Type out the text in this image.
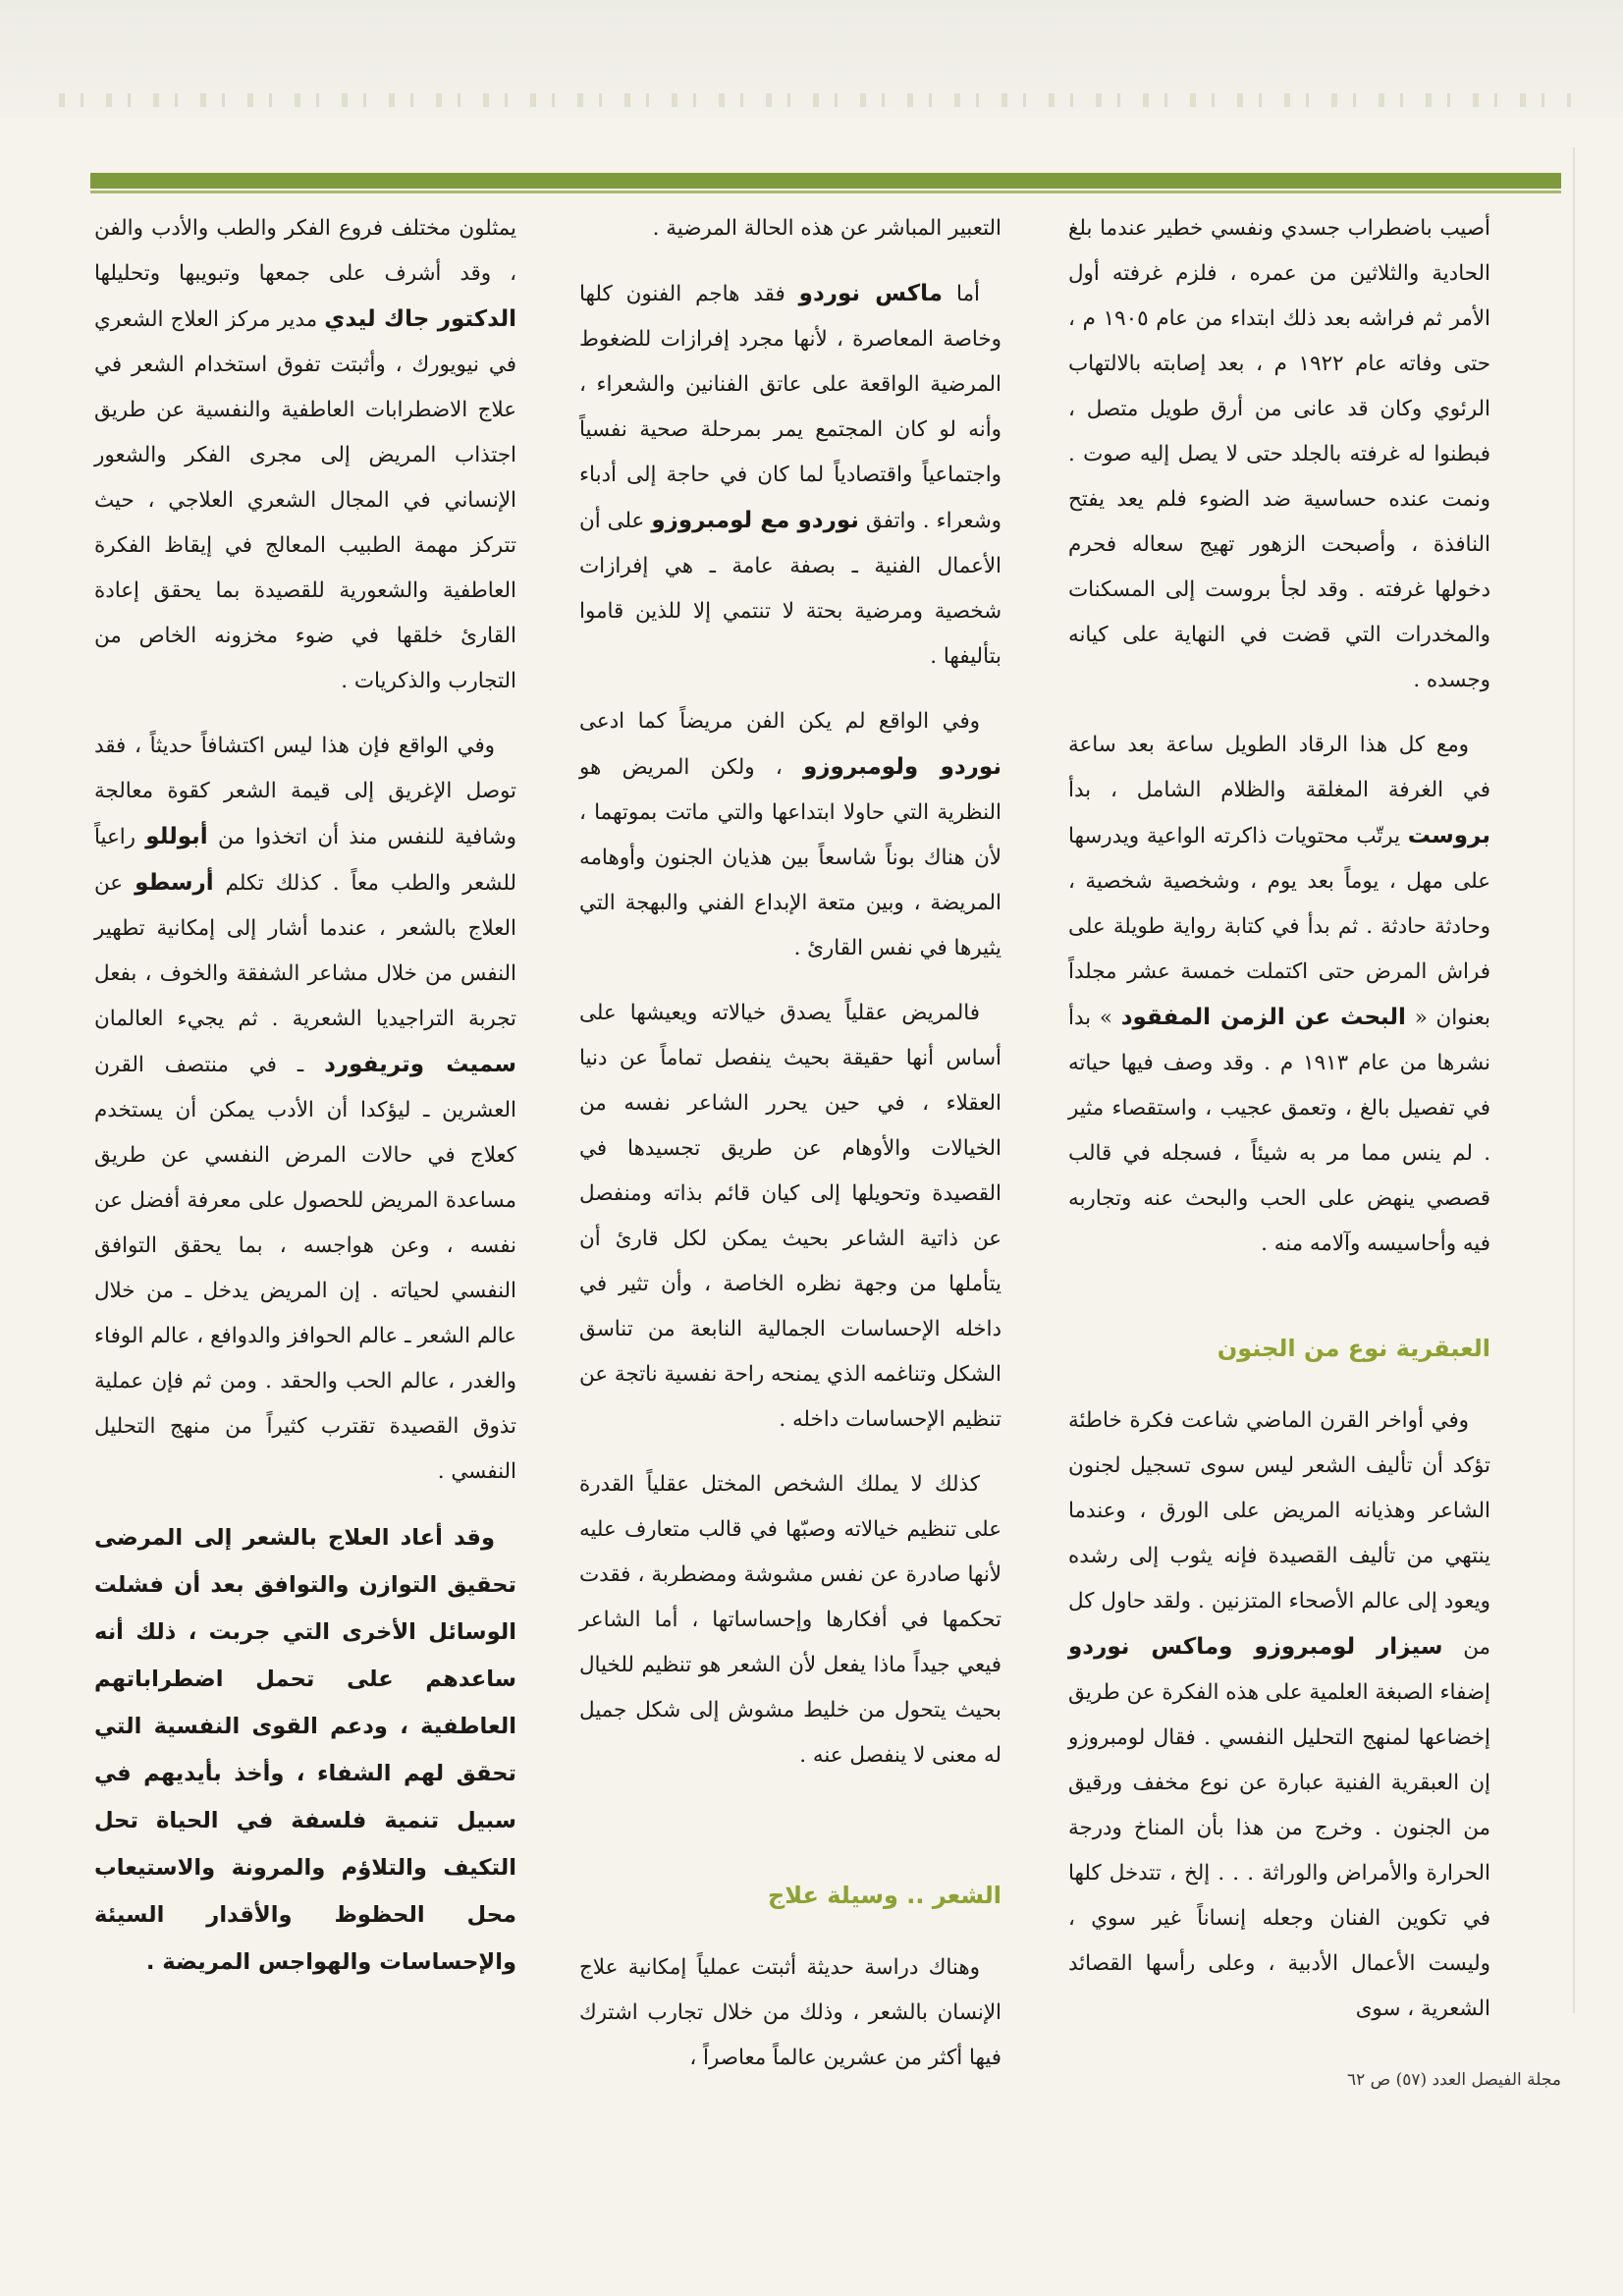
أصيب باضطراب جسدي ونفسي خطير عندما بلغ الحادية والثلاثين من عمره ، فلزم غرفته أول الأمر ثم فراشه بعد ذلك ابتداء من عام ١٩٠٥ م ، حتى وفاته عام ١٩٢٢ م ، بعد إصابته بالالتهاب الرئوي وكان قد عانى من أرق طويل متصل ، فبطنوا له غرفته بالجلد حتى لا يصل إليه صوت . ونمت عنده حساسية ضد الضوء فلم يعد يفتح النافذة ، وأصبحت الزهور تهيج سعاله فحرم دخولها غرفته . وقد لجأ بروست إلى المسكنات والمخدرات التي قضت في النهاية على كيانه وجسده .

ومع كل هذا الرقاد الطويل ساعة بعد ساعة في الغرفة المغلقة والظلام الشامل ، بدأ بروست يرتّب محتويات ذاكرته الواعية ويدرسها على مهل ، يوماً بعد يوم ، وشخصية شخصية ، وحادثة حادثة . ثم بدأ في كتابة رواية طويلة على فراش المرض حتى اكتملت خمسة عشر مجلداً بعنوان « البحث عن الزمن المفقود » بدأ نشرها من عام ١٩١٣ م . وقد وصف فيها حياته في تفصيل بالغ ، وتعمق عجيب ، واستقصاء مثير . لم ينس مما مر به شيئاً ، فسجله في قالب قصصي ينهض على الحب والبحث عنه وتجاربه فيه وأحاسيسه وآلامه منه .

العبقرية نوع من الجنون

وفي أواخر القرن الماضي شاعت فكرة خاطئة تؤكد أن تأليف الشعر ليس سوى تسجيل لجنون الشاعر وهذيانه المريض على الورق ، وعندما ينتهي من تأليف القصيدة فإنه يثوب إلى رشده ويعود إلى عالم الأصحاء المتزنين . ولقد حاول كل من سيزار لومبروزو وماكس نوردو إضفاء الصبغة العلمية على هذه الفكرة عن طريق إخضاعها لمنهج التحليل النفسي . فقال لومبروزو إن العبقرية الفنية عبارة عن نوع مخفف ورقيق من الجنون . وخرج من هذا بأن المناخ ودرجة الحرارة والأمراض والوراثة . . . إلخ ، تتدخل كلها في تكوين الفنان وجعله إنساناً غير سوي ، وليست الأعمال الأدبية ، وعلى رأسها القصائد الشعرية ، سوى

التعبير المباشر عن هذه الحالة المرضية .

أما ماكس نوردو فقد هاجم الفنون كلها وخاصة المعاصرة ، لأنها مجرد إفرازات للضغوط المرضية الواقعة على عاتق الفنانين والشعراء ، وأنه لو كان المجتمع يمر بمرحلة صحية نفسياً واجتماعياً واقتصادياً لما كان في حاجة إلى أدباء وشعراء . واتفق نوردو مع لومبروزو على أن الأعمال الفنية ـ بصفة عامة ـ هي إفرازات شخصية ومرضية بحتة لا تنتمي إلا للذين قاموا بتأليفها .

وفي الواقع لم يكن الفن مريضاً كما ادعى نوردو ولومبروزو ، ولكن المريض هو النظرية التي حاولا ابتداعها والتي ماتت بموتهما ، لأن هناك بوناً شاسعاً بين هذيان الجنون وأوهامه المريضة ، وبين متعة الإبداع الفني والبهجة التي يثيرها في نفس القارئ .

فالمريض عقلياً يصدق خيالاته ويعيشها على أساس أنها حقيقة بحيث ينفصل تماماً عن دنيا العقلاء ، في حين يحرر الشاعر نفسه من الخيالات والأوهام عن طريق تجسيدها في القصيدة وتحويلها إلى كيان قائم بذاته ومنفصل عن ذاتية الشاعر بحيث يمكن لكل قارئ أن يتأملها من وجهة نظره الخاصة ، وأن تثير في داخله الإحساسات الجمالية النابعة من تناسق الشكل وتناغمه الذي يمنحه راحة نفسية ناتجة عن تنظيم الإحساسات داخله .

كذلك لا يملك الشخص المختل عقلياً القدرة على تنظيم خيالاته وصبّها في قالب متعارف عليه لأنها صادرة عن نفس مشوشة ومضطربة ، فقدت تحكمها في أفكارها وإحساساتها ، أما الشاعر فيعي جيداً ماذا يفعل لأن الشعر هو تنظيم للخيال بحيث يتحول من خليط مشوش إلى شكل جميل له معنى لا ينفصل عنه .

الشعر .. وسيلة علاج

وهناك دراسة حديثة أثبتت عملياً إمكانية علاج الإنسان بالشعر ، وذلك من خلال تجارب اشترك فيها أكثر من عشرين عالماً معاصراً ،

يمثلون مختلف فروع الفكر والطب والأدب والفن ، وقد أشرف على جمعها وتبويبها وتحليلها الدكتور جاك ليدي مدير مركز العلاج الشعري في نيويورك ، وأثبتت تفوق استخدام الشعر في علاج الاضطرابات العاطفية والنفسية عن طريق اجتذاب المريض إلى مجرى الفكر والشعور الإنساني في المجال الشعري العلاجي ، حيث تتركز مهمة الطبيب المعالج في إيقاظ الفكرة العاطفية والشعورية للقصيدة بما يحقق إعادة القارئ خلقها في ضوء مخزونه الخاص من التجارب والذكريات .

وفي الواقع فإن هذا ليس اكتشافاً حديثاً ، فقد توصل الإغريق إلى قيمة الشعر كقوة معالجة وشافية للنفس منذ أن اتخذوا من أبوللو راعياً للشعر والطب معاً . كذلك تكلم أرسطو عن العلاج بالشعر ، عندما أشار إلى إمكانية تطهير النفس من خلال مشاعر الشفقة والخوف ، بفعل تجربة التراجيديا الشعرية . ثم يجيء العالمان سميث وتريفورد ـ في منتصف القرن العشرين ـ ليؤكدا أن الأدب يمكن أن يستخدم كعلاج في حالات المرض النفسي عن طريق مساعدة المريض للحصول على معرفة أفضل عن نفسه ، وعن هواجسه ، بما يحقق التوافق النفسي لحياته . إن المريض يدخل ـ من خلال عالم الشعر ـ عالم الحوافز والدوافع ، عالم الوفاء والغدر ، عالم الحب والحقد . ومن ثم فإن عملية تذوق القصيدة تقترب كثيراً من منهج التحليل النفسي .

وقد أعاد العلاج بالشعر إلى المرضى تحقيق التوازن والتوافق بعد أن فشلت الوسائل الأخرى التي جربت ، ذلك أنه ساعدهم على تحمل اضطراباتهم العاطفية ، ودعم القوى النفسية التي تحقق لهم الشفاء ، وأخذ بأيديهم في سبيل تنمية فلسفة في الحياة تحل التكيف والتلاؤم والمرونة والاستيعاب محل الحظوظ والأقدار السيئة والإحساسات والهواجس المريضة .

مجلة الفيصل العدد (٥٧) ص ٦٢
